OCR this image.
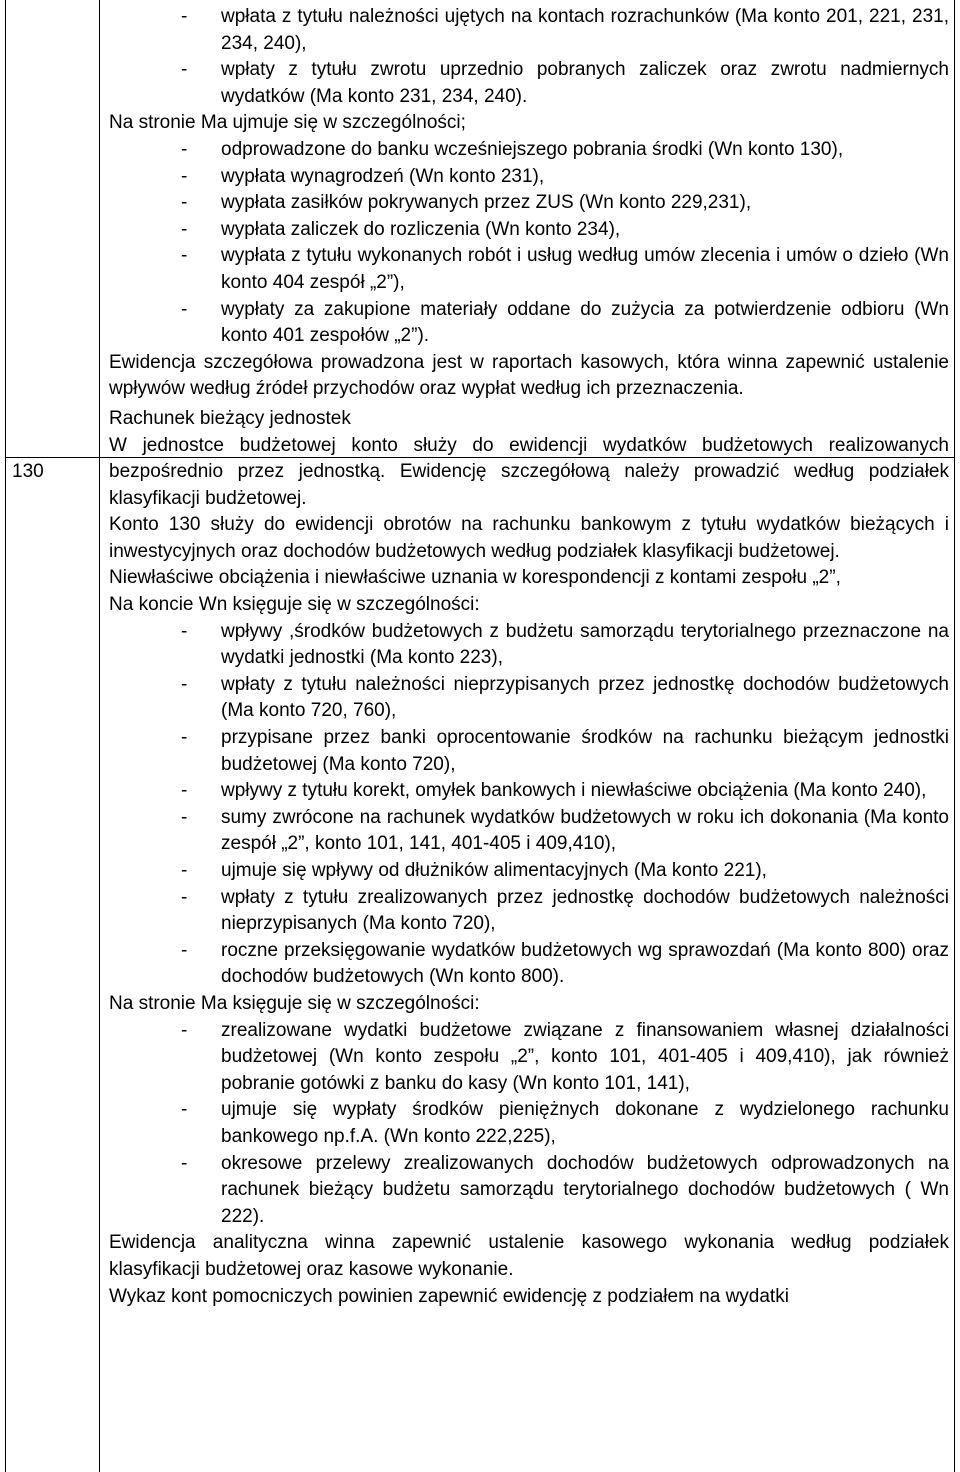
130

- wpłata z tytułu należności ujętych na kontach rozrachunków (Ma konto 201, 221, 231, 234, 240),

- wpłaty z tytułu zwrotu uprzednio pobranych zaliczek oraz zwrotu nadmiernych wydatków (Ma konto 231, 234, 240).

Na stronie Ma ujmuje się w szczególności;

- odprowadzone do banku wcześniejszego pobrania środki (Wn konto 130),

- wypłata wynagrodzeń (Wn konto 231),

- wypłata zasiłków pokrywanych przez ZUS (Wn konto 229,231),

- wypłata zaliczek do rozliczenia (Wn konto 234),

- wypłata z tytułu wykonanych robót i usług według umów zlecenia i umów o dzieło (Wn konto 404 zespół „2”),

- wypłaty za zakupione materiały oddane do zużycia za potwierdzenie odbioru (Wn konto 401 zespołów „2”).

Ewidencja szczegółowa prowadzona jest w raportach kasowych, która winna zapewnić ustalenie wpływów według źródeł przychodów oraz wypłat według ich przeznaczenia.

Rachunek bieżący jednostek

W jednostce budżetowej konto służy do ewidencji wydatków budżetowych realizowanych bezpośrednio przez jednostką. Ewidencję szczegółową należy prowadzić według podziałek klasyfikacji budżetowej.

Konto 130 służy do ewidencji obrotów na rachunku bankowym z tytułu wydatków bieżących i inwestycyjnych oraz dochodów budżetowych według podziałek klasyfikacji budżetowej.

Niewłaściwe obciążenia i niewłaściwe uznania w korespondencji z kontami zespołu „2”,

Na koncie Wn księguje się w szczególności:

- wpływy ,środków budżetowych z budżetu samorządu terytorialnego przeznaczone na wydatki jednostki (Ma konto 223),

- wpłaty z tytułu należności nieprzypisanych przez jednostkę dochodów budżetowych (Ma konto 720, 760),

- przypisane przez banki oprocentowanie środków na rachunku bieżącym jednostki budżetowej (Ma konto 720),

- wpływy z tytułu korekt, omyłek bankowych i niewłaściwe obciążenia (Ma konto 240),

- sumy zwrócone na rachunek wydatków budżetowych w roku ich dokonania (Ma konto zespół „2”, konto 101, 141, 401-405 i 409,410),

- ujmuje się wpływy od dłużników alimentacyjnych (Ma konto 221),

- wpłaty z tytułu zrealizowanych przez jednostkę dochodów budżetowych należności nieprzypisanych (Ma konto 720),

- roczne przeksięgowanie wydatków budżetowych wg sprawozdań (Ma konto 800) oraz dochodów budżetowych (Wn konto 800).

Na stronie Ma księguje się w szczególności:

- zrealizowane wydatki budżetowe związane z finansowaniem własnej działalności budżetowej (Wn konto zespołu „2”, konto 101, 401-405 i 409,410), jak również pobranie gotówki z banku do kasy (Wn konto 101, 141),

- ujmuje się wypłaty środków pieniężnych dokonane z wydzielonego rachunku bankowego np.f.A. (Wn konto 222,225),

- okresowe przelewy zrealizowanych dochodów budżetowych odprowadzonych na rachunek bieżący budżetu samorządu terytorialnego dochodów budżetowych ( Wn 222).

Ewidencja analityczna winna zapewnić ustalenie kasowego wykonania według podziałek klasyfikacji budżetowej oraz kasowe wykonanie.

Wykaz kont pomocniczych powinien zapewnić ewidencję z podziałem na wydatki
